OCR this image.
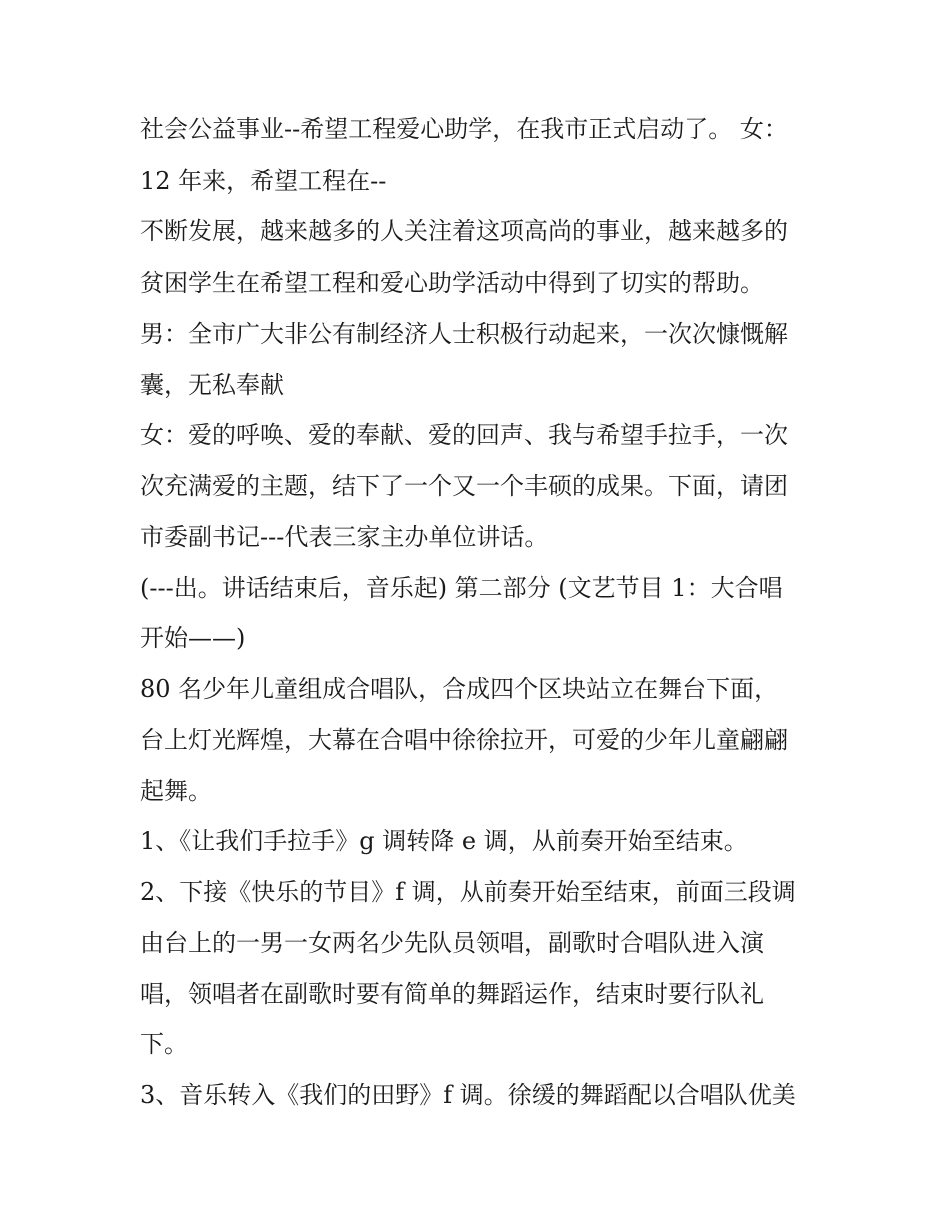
社会公益事业--希望工程爱心助学，在我市正式启动了。 女：
12 年来，希望工程在--
不断发展，越来越多的人关注着这项高尚的事业，越来越多的
贫困学生在希望工程和爱心助学活动中得到了切实的帮助。
男：全市广大非公有制经济人士积极行动起来，一次次慷慨解
囊，无私奉献
女：爱的呼唤、爱的奉献、爱的回声、我与希望手拉手，一次
次充满爱的主题，结下了一个又一个丰硕的成果。下面，请团
市委副书记---代表三家主办单位讲话。
(---出。讲话结束后，音乐起) 第二部分 (文艺节目 1：大合唱
开始——)
80 名少年儿童组成合唱队，合成四个区块站立在舞台下面，
台上灯光辉煌，大幕在合唱中徐徐拉开，可爱的少年儿童翩翩
起舞。
1、《让我们手拉手》g 调转降 e 调，从前奏开始至结束。
2、下接《快乐的节目》f 调，从前奏开始至结束，前面三段调
由台上的一男一女两名少先队员领唱，副歌时合唱队进入演
唱，领唱者在副歌时要有简单的舞蹈运作，结束时要行队礼
下。
3、音乐转入《我们的田野》f 调。徐缓的舞蹈配以合唱队优美
